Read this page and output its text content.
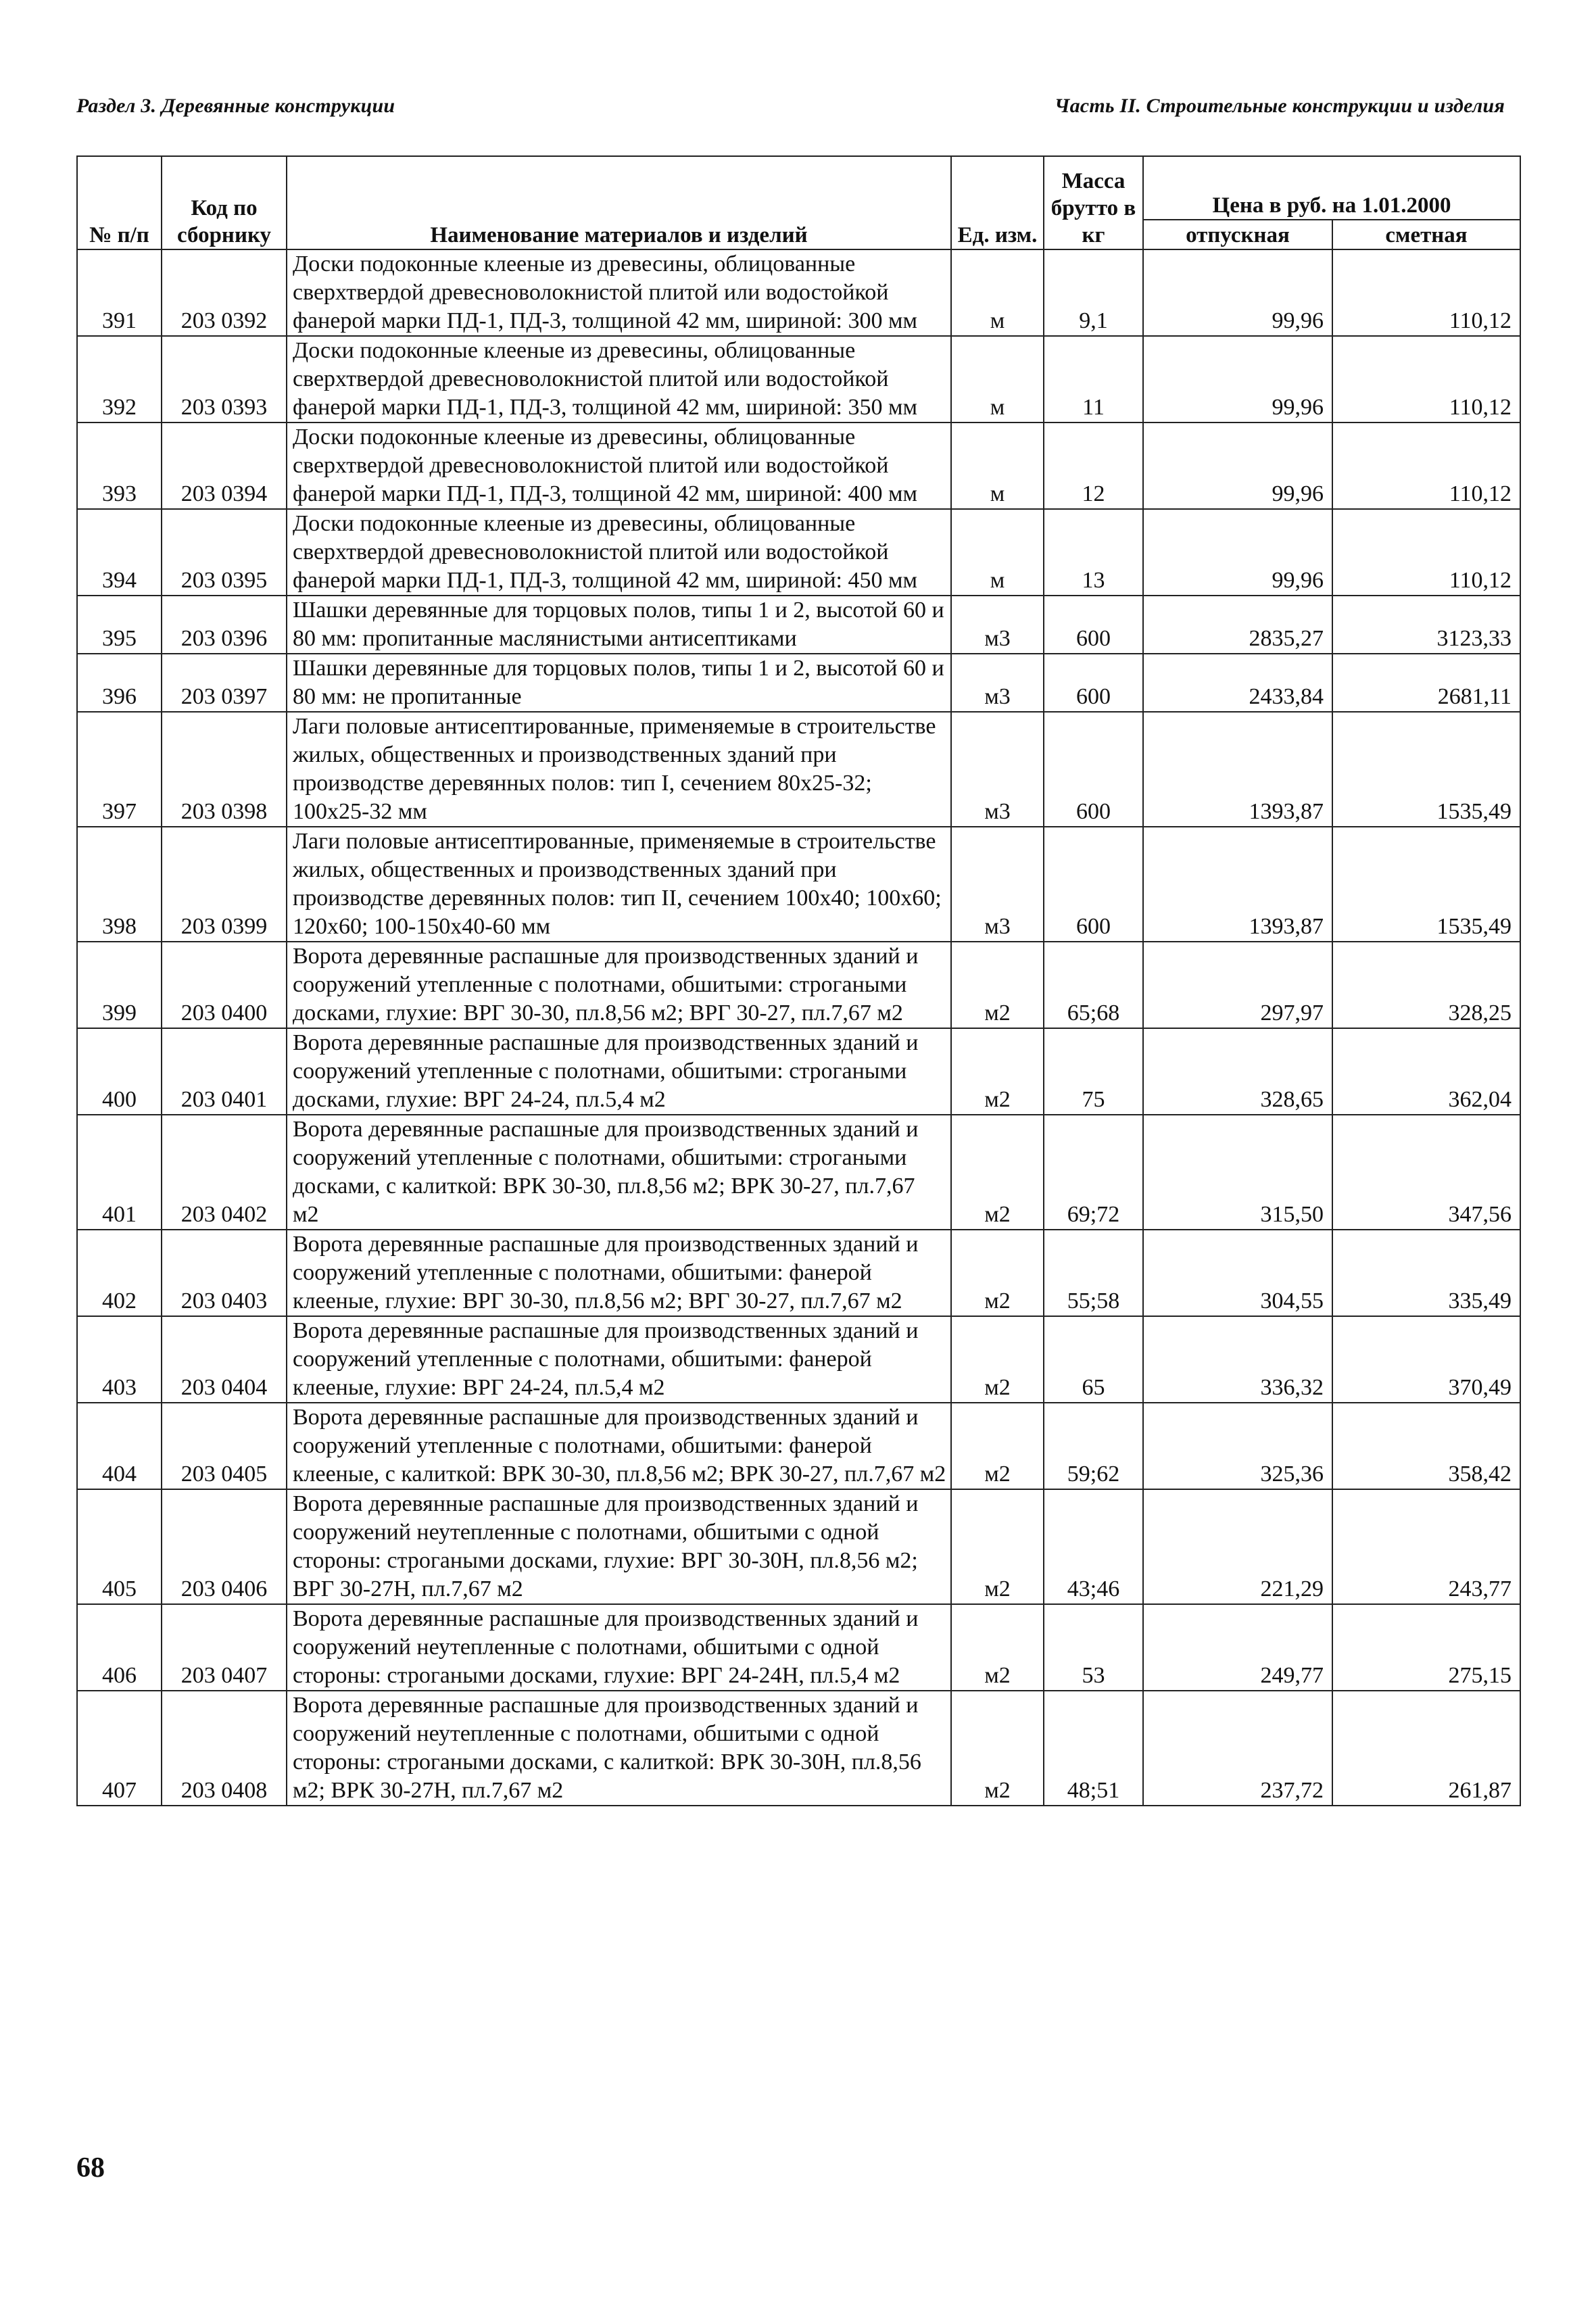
Раздел 3. Деревянные конструкции	Часть II. Строительные конструкции и изделия
№ п/п	Код по сборнику	Наименование материалов и изделий	Ед. изм.	Масса брутто в кг	Цена в руб. на 1.01.2000	
					отпускная	сметная
391	203 0392	Доски подоконные клееные из древесины, облицованные сверхтвердой древесноволокнистой плитой или водостойкой фанерой марки ПД-1, ПД-3, толщиной 42 мм, шириной: 300 мм	м	9,1	99,96	110,12
392	203 0393	Доски подоконные клееные из древесины, облицованные сверхтвердой древесноволокнистой плитой или водостойкой фанерой марки ПД-1, ПД-3, толщиной 42 мм, шириной: 350 мм	м	11	99,96	110,12
393	203 0394	Доски подоконные клееные из древесины, облицованные сверхтвердой древесноволокнистой плитой или водостойкой фанерой марки ПД-1, ПД-3, толщиной 42 мм, шириной: 400 мм	м	12	99,96	110,12
394	203 0395	Доски подоконные клееные из древесины, облицованные сверхтвердой древесноволокнистой плитой или водостойкой фанерой марки ПД-1, ПД-3, толщиной 42 мм, шириной: 450 мм	м	13	99,96	110,12
395	203 0396	Шашки деревянные для торцовых полов, типы 1 и 2, высотой 60 и 80 мм: пропитанные маслянистыми антисептиками	м3	600	2835,27	3123,33
396	203 0397	Шашки деревянные для торцовых полов, типы 1 и 2, высотой 60 и 80 мм: не пропитанные	м3	600	2433,84	2681,11
397	203 0398	Лаги половые антисептированные, применяемые в строительстве жилых, общественных и производственных зданий при производстве деревянных полов: тип I, сечением 80х25-32; 100х25-32 мм	м3	600	1393,87	1535,49
398	203 0399	Лаги половые антисептированные, применяемые в строительстве жилых, общественных и производственных зданий при производстве деревянных полов: тип II, сечением 100х40; 100х60; 120х60; 100-150х40-60 мм	м3	600	1393,87	1535,49
399	203 0400	Ворота деревянные распашные для производственных зданий и сооружений утепленные с полотнами, обшитыми: строгаными досками, глухие: ВРГ 30-30, пл.8,56 м2; ВРГ 30-27, пл.7,67 м2	м2	65;68	297,97	328,25
400	203 0401	Ворота деревянные распашные для производственных зданий и сооружений утепленные с полотнами, обшитыми: строгаными досками, глухие: ВРГ 24-24, пл.5,4 м2	м2	75	328,65	362,04
401	203 0402	Ворота деревянные распашные для производственных зданий и сооружений утепленные с полотнами, обшитыми: строгаными досками, с калиткой: ВРК 30-30, пл.8,56 м2; ВРК 30-27, пл.7,67 м2	м2	69;72	315,50	347,56
402	203 0403	Ворота деревянные распашные для производственных зданий и сооружений утепленные с полотнами, обшитыми: фанерой клееные, глухие: ВРГ 30-30, пл.8,56 м2; ВРГ 30-27, пл.7,67 м2	м2	55;58	304,55	335,49
403	203 0404	Ворота деревянные распашные для производственных зданий и сооружений утепленные с полотнами, обшитыми: фанерой клееные, глухие: ВРГ 24-24, пл.5,4 м2	м2	65	336,32	370,49
404	203 0405	Ворота деревянные распашные для производственных зданий и сооружений утепленные с полотнами, обшитыми: фанерой клееные, с калиткой: ВРК 30-30, пл.8,56 м2; ВРК 30-27, пл.7,67 м2	м2	59;62	325,36	358,42
405	203 0406	Ворота деревянные распашные для производственных зданий и сооружений неутепленные с полотнами, обшитыми с одной стороны: строгаными досками, глухие: ВРГ 30-30Н, пл.8,56 м2; ВРГ 30-27Н, пл.7,67 м2	м2	43;46	221,29	243,77
406	203 0407	Ворота деревянные распашные для производственных зданий и сооружений неутепленные с полотнами, обшитыми с одной стороны: строгаными досками, глухие: ВРГ 24-24Н, пл.5,4 м2	м2	53	249,77	275,15
407	203 0408	Ворота деревянные распашные для производственных зданий и сооружений неутепленные с полотнами, обшитыми с одной стороны: строгаными досками, с калиткой: ВРК 30-30Н, пл.8,56 м2; ВРК 30-27Н, пл.7,67 м2	м2	48;51	237,72	261,87
68
